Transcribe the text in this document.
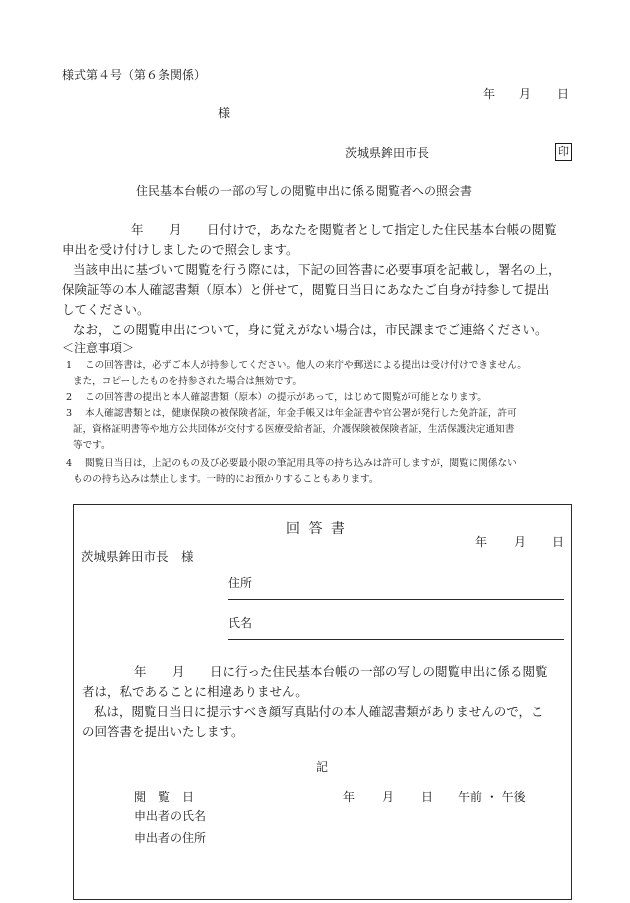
様式第４号（第６条関係）
年 月 日
様
茨城県鉾田市長	印
住民基本台帳の一部の写しの閲覧申出に係る閲覧者への照会書
年 月 日付けで，あなたを閲覧者として指定した住民基本台帳の閲覧
申出を受け付けしましたので照会します。
当該申出に基づいて閲覧を行う際には，下記の回答書に必要事項を記載し，署名の上，
保険証等の本人確認書類（原本）と併せて，閲覧日当日にあなたご自身が持参して提出
してください。
なお，この閲覧申出について，身に覚えがない場合は，市民課までご連絡ください。
＜注意事項＞
1 この回答書は，必ずご本人が持参してください。他人の来庁や郵送による提出は受け付けできません。
また，コピーしたものを持参された場合は無効です。
2 この回答書の提出と本人確認書類（原本）の提示があって，はじめて閲覧が可能となります。
3 本人確認書類とは，健康保険の被保険者証，年金手帳又は年金証書や官公署が発行した免許証，許可
証，資格証明書等や地方公共団体が交付する医療受給者証，介護保険被保険者証，生活保護決定通知書
等です。
4 閲覧日当日は，上記のもの及び必要最小限の筆記用具等の持ち込みは許可しますが，閲覧に関係ない
ものの持ち込みは禁止します。一時的にお預かりすることもあります。
回 答 書
年 月 日
茨城県鉾田市長　様
住所
氏名
年 月 日に行った住民基本台帳の一部の写しの閲覧申出に係る閲覧
者は，私であることに相違ありません。
私は，閲覧日当日に提示すべき顔写真貼付の本人確認書類がありませんので，こ
の回答書を提出いたします。
記
閲　覧　日	年 月 日 午前 ・ 午後
申出者の氏名
申出者の住所
